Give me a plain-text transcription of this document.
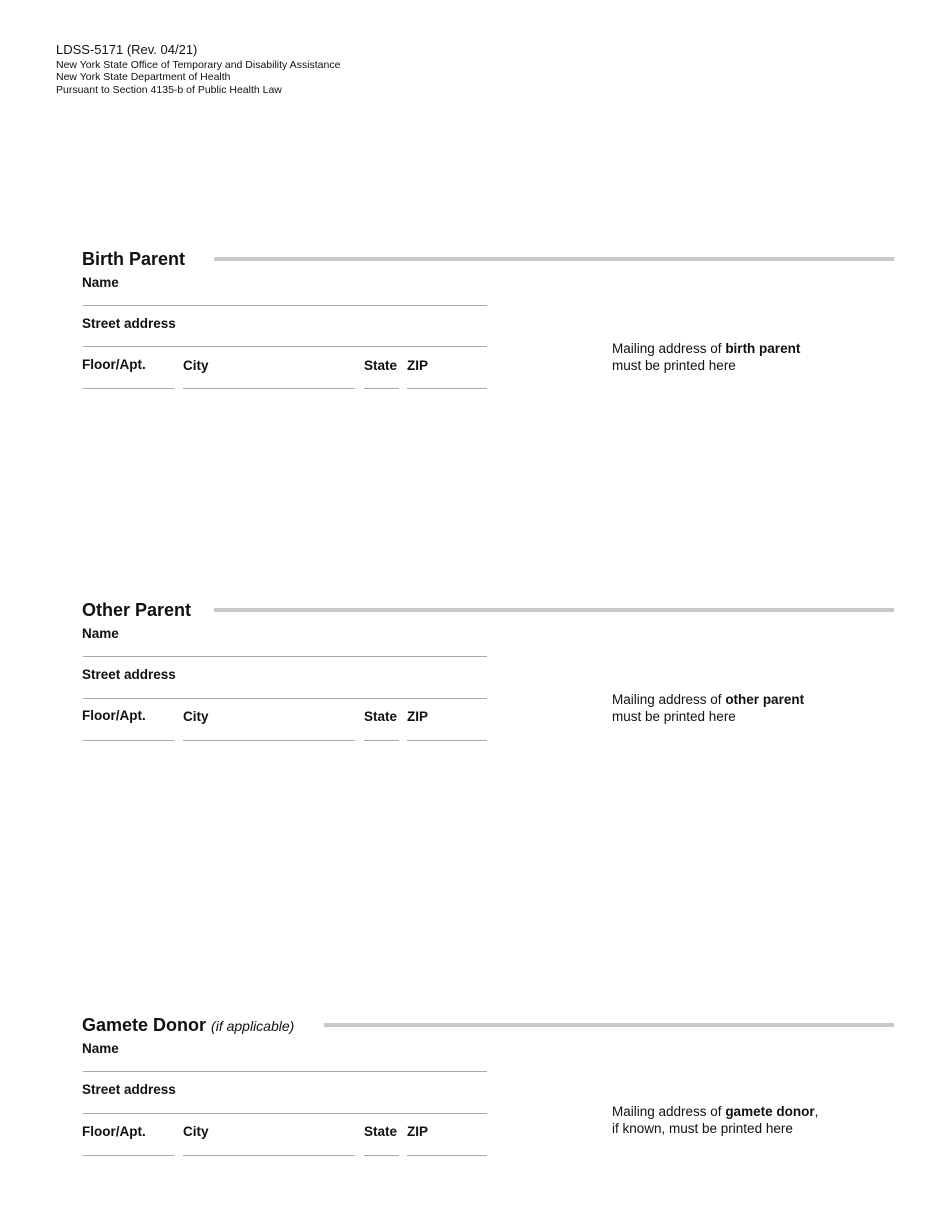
LDSS-5171 (Rev. 04/21)
New York State Office of Temporary and Disability Assistance
New York State Department of Health
Pursuant to Section 4135-b of Public Health Law
Birth Parent
Name
Street address
Floor/Apt.	City	State ZIP
Mailing address of birth parent
must be printed here
Other Parent
Name
Street address
Floor/Apt.	City	State ZIP
Mailing address of other parent
must be printed here
Gamete Donor (if applicable)
Name
Street address
Floor/Apt.	City	State ZIP
Mailing address of gamete donor,
if known, must be printed here
